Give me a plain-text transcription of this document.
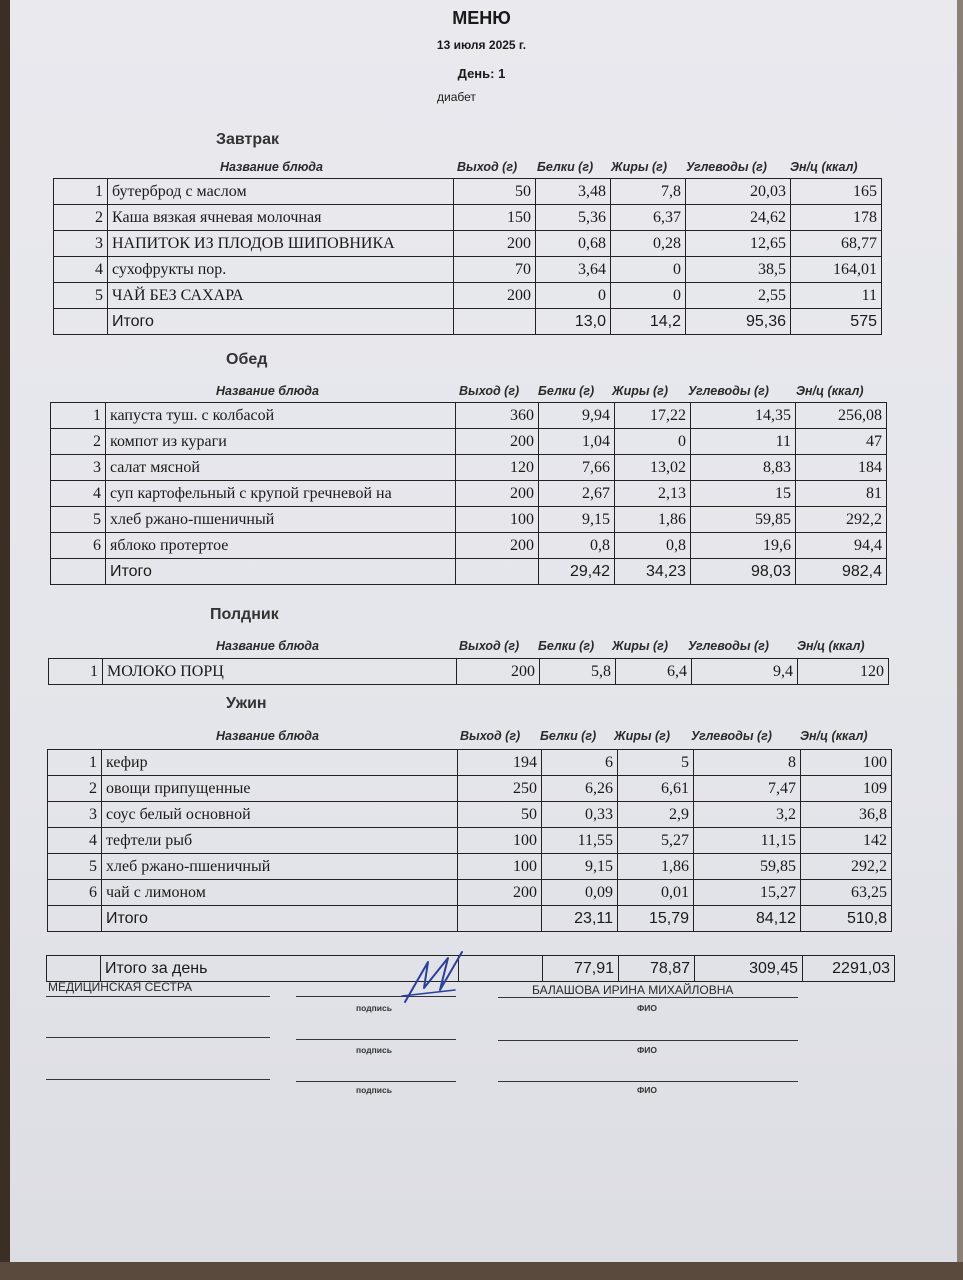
МЕНЮ
13 июля 2025 г.
День: 1
диабет
Завтрак
Название блюда	Выход (г) Белки (г) Жиры (г) Углеводы (г) Эн/ц (ккал)
1	бутерброд с маслом	50	3,48	7,8	20,03	165
2	Каша вязкая ячневая молочная	150	5,36	6,37	24,62	178
3	НАПИТОК ИЗ ПЛОДОВ ШИПОВНИКА	200	0,68	0,28	12,65	68,77
4	сухофрукты пор.	70	3,64	0	38,5	164,01
5	ЧАЙ БЕЗ САХАРА	200	0	0	2,55	11
	Итого		13,0	14,2	95,36	575
Обед
Название блюда	Выход (г) Белки (г) Жиры (г) Углеводы (г) Эн/ц (ккал)
1	капуста туш. с колбасой	360	9,94	17,22	14,35	256,08
2	компот из кураги	200	1,04	0	11	47
3	салат мясной	120	7,66	13,02	8,83	184
4	суп картофельный с крупой гречневой на	200	2,67	2,13	15	81
5	хлеб ржано-пшеничный	100	9,15	1,86	59,85	292,2
6	яблоко протертое	200	0,8	0,8	19,6	94,4
	Итого		29,42	34,23	98,03	982,4
Полдник
Название блюда	Выход (г) Белки (г) Жиры (г) Углеводы (г) Эн/ц (ккал)
1	МОЛОКО ПОРЦ	200	5,8	6,4	9,4	120
Ужин
Название блюда	Выход (г) Белки (г) Жиры (г) Углеводы (г) Эн/ц (ккал)
1	кефир	194	6	5	8	100
2	овощи припущенные	250	6,26	6,61	7,47	109
3	соус белый основной	50	0,33	2,9	3,2	36,8
4	тефтели рыб	100	11,55	5,27	11,15	142
5	хлеб ржано-пшеничный	100	9,15	1,86	59,85	292,2
6	чай с лимоном	200	0,09	0,01	15,27	63,25
	Итого		23,11	15,79	84,12	510,8
	Итого за день		77,91	78,87	309,45	2291,03
МЕДИЦИНСКАЯ СЕСТРА	БАЛАШОВА ИРИНА МИХАЙЛОВНА
подпись	ФИО
подпись	ФИО
подпись	ФИО
